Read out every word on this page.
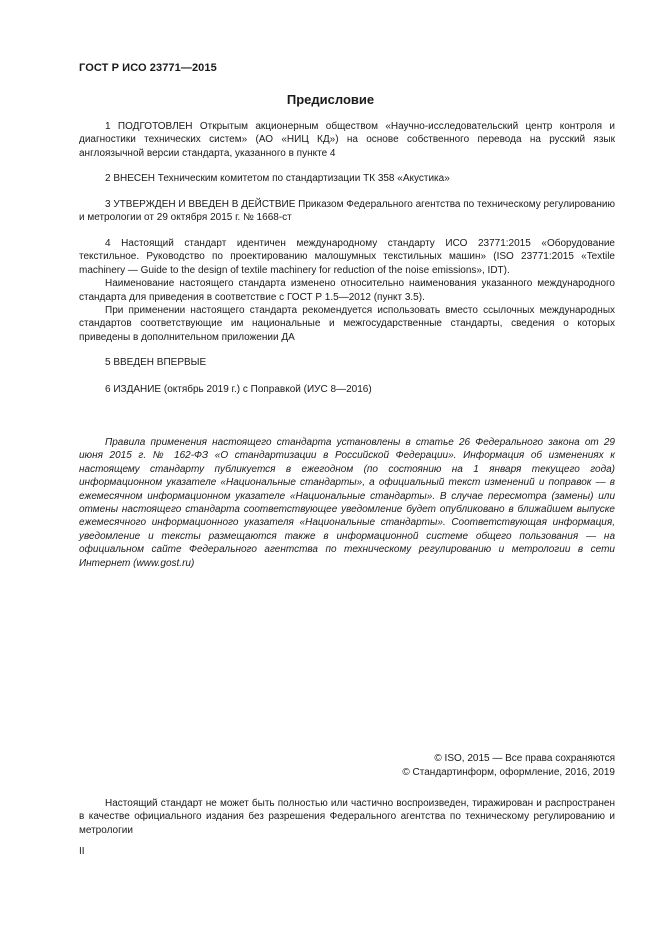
ГОСТ Р ИСО 23771—2015
Предисловие

1 ПОДГОТОВЛЕН Открытым акционерным обществом «Научно-исследовательский центр контроля и диагностики технических систем» (АО «НИЦ КД») на основе собственного перевода на русский язык англоязычной версии стандарта, указанного в пункте 4

2 ВНЕСЕН Техническим комитетом по стандартизации ТК 358 «Акустика»

3 УТВЕРЖДЕН И ВВЕДЕН В ДЕЙСТВИЕ Приказом Федерального агентства по техническому регулированию и метрологии от 29 октября 2015 г. № 1668-ст

4 Настоящий стандарт идентичен международному стандарту ИСО 23771:2015 «Оборудование текстильное. Руководство по проектированию малошумных текстильных машин» (ISO 23771:2015 «Textile machinery — Guide to the design of textile machinery for reduction of the noise emissions», IDT).

Наименование настоящего стандарта изменено относительно наименования указанного международного стандарта для приведения в соответствие с ГОСТ Р 1.5—2012 (пункт 3.5).

При применении настоящего стандарта рекомендуется использовать вместо ссылочных международных стандартов соответствующие им национальные и межгосударственные стандарты, сведения о которых приведены в дополнительном приложении ДА

5 ВВЕДЕН ВПЕРВЫЕ

6 ИЗДАНИЕ (октябрь 2019 г.) с Поправкой (ИУС 8—2016)

Правила применения настоящего стандарта установлены в статье 26 Федерального закона от 29 июня 2015 г. № 162-ФЗ «О стандартизации в Российской Федерации». Информация об изменениях к настоящему стандарту публикуется в ежегодном (по состоянию на 1 января текущего года) информационном указателе «Национальные стандарты», а официальный текст изменений и поправок — в ежемесячном информационном указателе «Национальные стандарты». В случае пересмотра (замены) или отмены настоящего стандарта соответствующее уведомление будет опубликовано в ближайшем выпуске ежемесячного информационного указателя «Национальные стандарты». Соответствующая информация, уведомление и тексты размещаются также в информационной системе общего пользования — на официальном сайте Федерального агентства по техническому регулированию и метрологии в сети Интернет (www.gost.ru)

© ISO, 2015 — Все права сохраняются
© Стандартинформ, оформление, 2016, 2019

Настоящий стандарт не может быть полностью или частично воспроизведен, тиражирован и распространен в качестве официального издания без разрешения Федерального агентства по техническому регулированию и метрологии

II
